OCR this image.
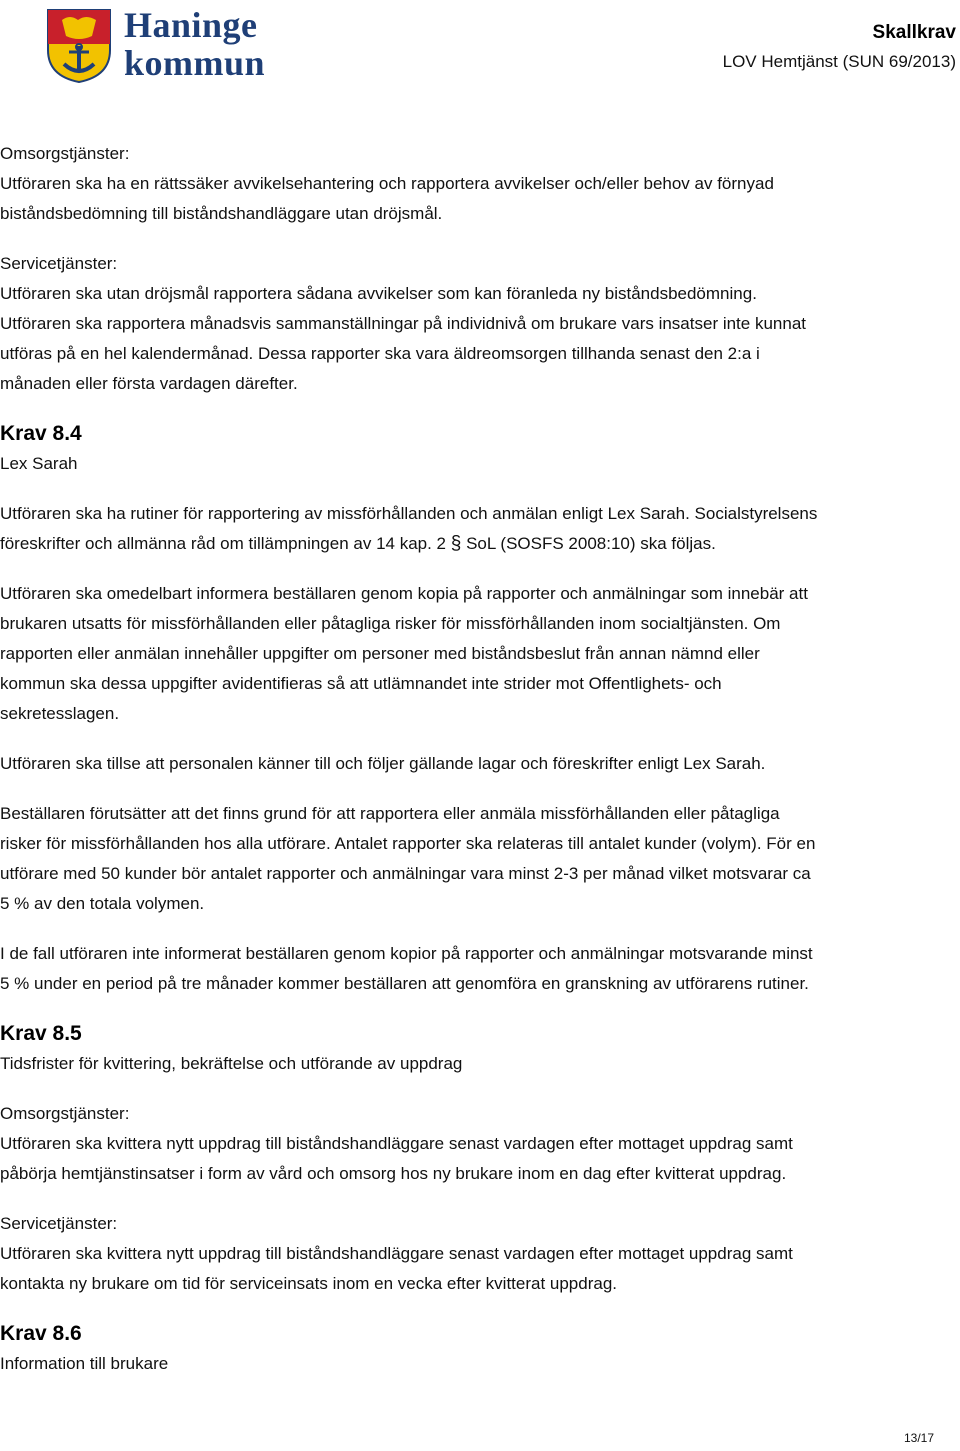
Haninge
kommun
Skallkrav
LOV Hemtjänst (SUN 69/2013)

Omsorgstjänster:

Utföraren ska ha en rättssäker avvikelsehantering och rapportera avvikelser och/eller behov av förnyad

biståndsbedömning till biståndshandläggare utan dröjsmål.

Servicetjänster:

Utföraren ska utan dröjsmål rapportera sådana avvikelser som kan föranleda ny biståndsbedömning.

Utföraren ska rapportera månadsvis sammanställningar på individnivå om brukare vars insatser inte kunnat

utföras på en hel kalendermånad. Dessa rapporter ska vara äldreomsorgen tillhanda senast den 2:a i

månaden eller första vardagen därefter.

Krav 8.4

Lex Sarah

Utföraren ska ha rutiner för rapportering av missförhållanden och anmälan enligt Lex Sarah. Socialstyrelsens

föreskrifter och allmänna råd om tillämpningen av 14 kap. 2 § SoL (SOSFS 2008:10) ska följas.

Utföraren ska omedelbart informera beställaren genom kopia på rapporter och anmälningar som innebär att

brukaren utsatts för missförhållanden eller påtagliga risker för missförhållanden inom socialtjänsten. Om

rapporten eller anmälan innehåller uppgifter om personer med biståndsbeslut från annan nämnd eller

kommun ska dessa uppgifter avidentifieras så att utlämnandet inte strider mot Offentlighets- och

sekretesslagen.

Utföraren ska tillse att personalen känner till och följer gällande lagar och föreskrifter enligt Lex Sarah.

Beställaren förutsätter att det finns grund för att rapportera eller anmäla missförhållanden eller påtagliga

risker för missförhållanden hos alla utförare. Antalet rapporter ska relateras till antalet kunder (volym). För en

utförare med 50 kunder bör antalet rapporter och anmälningar vara minst 2-3 per månad vilket motsvarar ca

5 % av den totala volymen.

I de fall utföraren inte informerat beställaren genom kopior på rapporter och anmälningar motsvarande minst

5 % under en period på tre månader kommer beställaren att genomföra en granskning av utförarens rutiner.

Krav 8.5

Tidsfrister för kvittering, bekräftelse och utförande av uppdrag

Omsorgstjänster:

Utföraren ska kvittera nytt uppdrag till biståndshandläggare senast vardagen efter mottaget uppdrag samt

påbörja hemtjänstinsatser i form av vård och omsorg hos ny brukare inom en dag efter kvitterat uppdrag.

Servicetjänster:

Utföraren ska kvittera nytt uppdrag till biståndshandläggare senast vardagen efter mottaget uppdrag samt

kontakta ny brukare om tid för serviceinsats inom en vecka efter kvitterat uppdrag.

Krav 8.6

Information till brukare

13/17
